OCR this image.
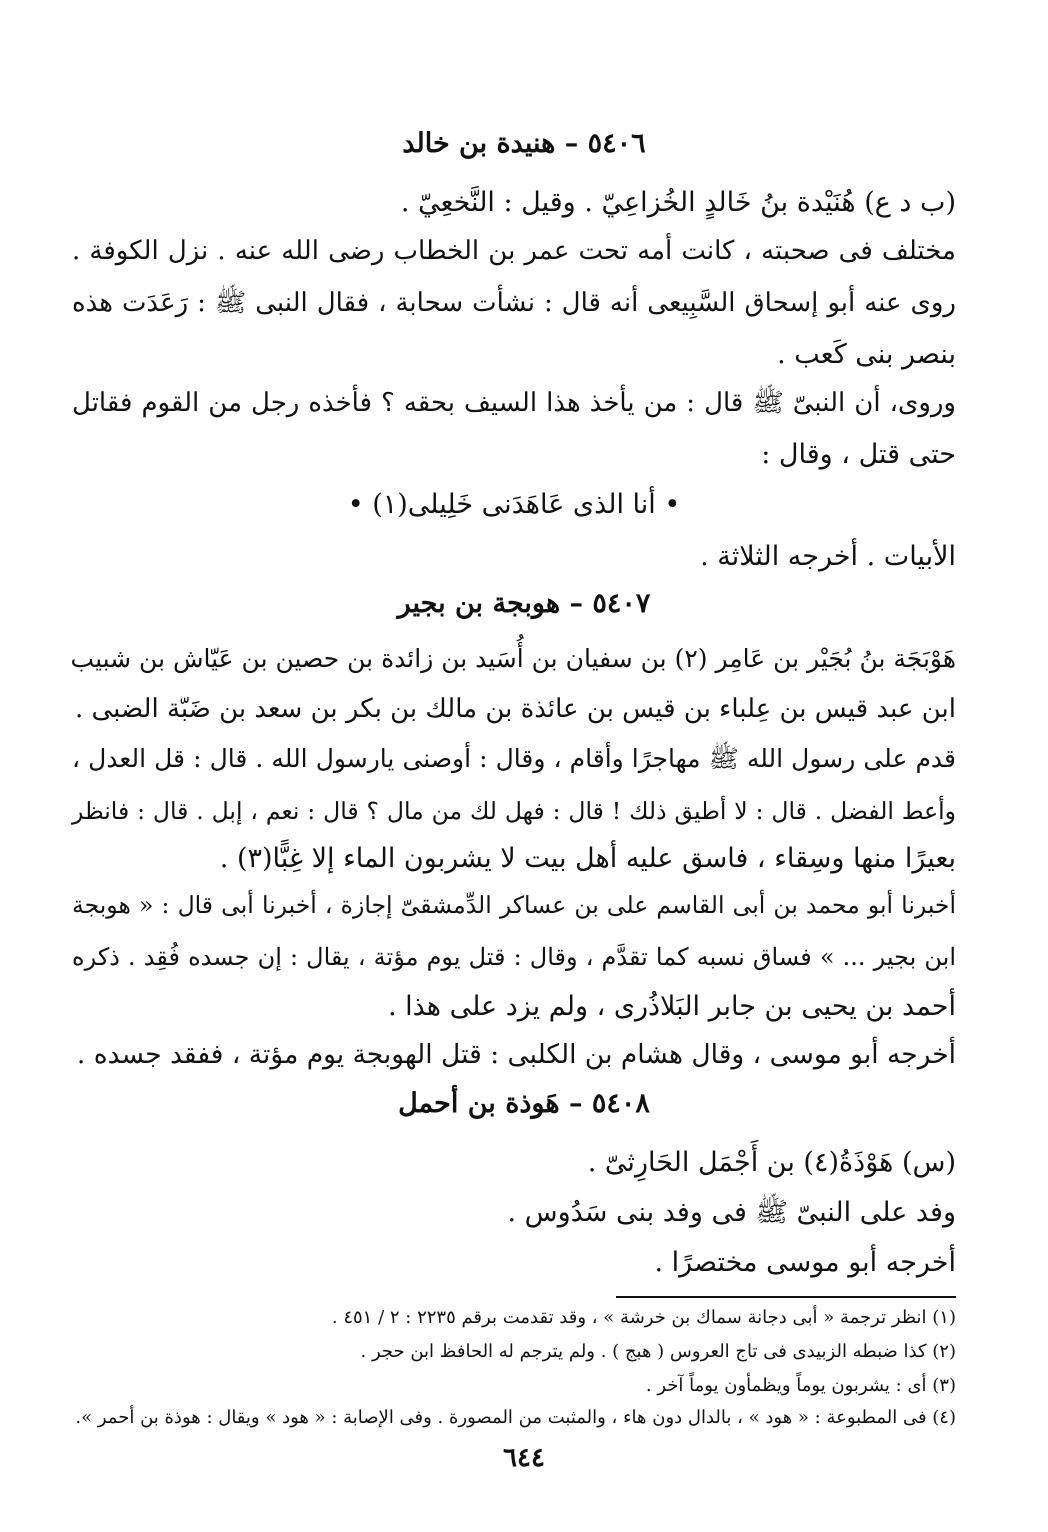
٥٤٠٦ – هنيدة بن خالد
(ب د ع) هُنَيْدة بنُ خَالدٍ الخُزاعِيّ . وقيل : النَّخعِيّ .
مختلف فى صحبته ، كانت أمه تحت عمر بن الخطاب رضى الله عنه . نزل الكوفة .
روى عنه أبو إسحاق السَّبِيعى أنه قال : نشأت سحابة ، فقال النبى ﷺ : رَعَدَت هذه
بنصر بنى كَعب .
وروى، أن النبىّ ﷺ قال : من يأخذ هذا السيف بحقه ؟ فأخذه رجل من القوم فقاتل
حتى قتل ، وقال :
• أنا الذى عَاهَدَنى خَلِيلى(١) •
الأبيات . أخرجه الثلاثة .
٥٤٠٧ – هوبجة بن بجير
هَوْبَجَة بنُ بُجَيْر بن عَامِر (٢) بن سفيان بن أُسَيد بن زائدة بن حصين بن عَيّاش بن شبيب
ابن عبد قيس بن عِلباء بن قيس بن عائذة بن مالك بن بكر بن سعد بن ضَبّة الضبى .
قدم على رسول الله ﷺ مهاجرًا وأقام ، وقال : أوصنى يارسول الله . قال : قل العدل ،
وأعط الفضل . قال : لا أطيق ذلك ! قال : فهل لك من مال ؟ قال : نعم ، إبل . قال : فانظر
بعيرًا منها وسِقاء ، فاسق عليه أهل بيت لا يشربون الماء إلا غِبًّا(٣) .
أخبرنا أبو محمد بن أبى القاسم على بن عساكر الدِّمشقىّ إجازة ، أخبرنا أبى قال : « هوبجة
ابن بجير ... » فساق نسبه كما تقدَّم ، وقال : قتل يوم مؤتة ، يقال : إن جسده فُقِد . ذكره
أحمد بن يحيى بن جابر البَلاذُرى ، ولم يزد على هذا .
أخرجه أبو موسى ، وقال هشام بن الكلبى : قتل الهوبجة يوم مؤتة ، ففقد جسده .
٥٤٠٨ – هَوذة بن أحمل
(س) هَوْذَةُ(٤) بن أَجْمَل الحَارِثىّ .
وفد على النبىّ ﷺ فى وفد بنى سَدُوس .
أخرجه أبو موسى مختصرًا .
(١) انظر ترجمة « أبى دجانة سماك بن خرشة » ، وقد تقدمت برقم ٢٢٣٥ : ٢ / ٤٥١ .
(٢) كذا ضبطه الزبيدى فى تاج العروس ( هبج ) . ولم يترجم له الحافظ ابن حجر .
(٣) أى : يشربون يوماً ويظمأون يوماً آخر .
(٤) فى المطبوعة : « هود » ، بالدال دون هاء ، والمثبت من المصورة . وفى الإصابة : « هود » ويقال : هوذة بن أحمر ».
٦٤٤
